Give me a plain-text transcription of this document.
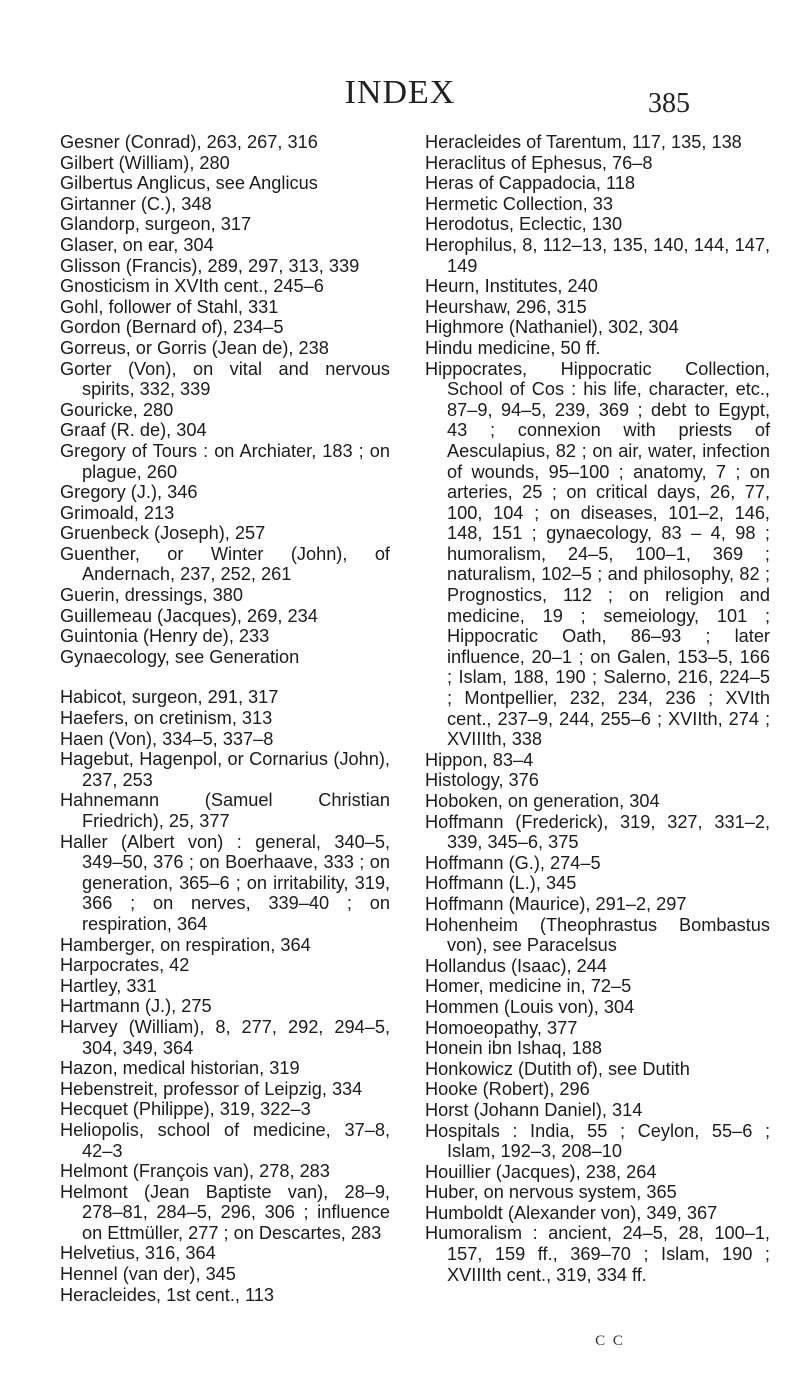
INDEX	385
Gesner (Conrad), 263, 267, 316
Gilbert (William), 280
Gilbertus Anglicus, see Anglicus
Girtanner (C.), 348
Glandorp, surgeon, 317
Glaser, on ear, 304
Glisson (Francis), 289, 297, 313, 339
Gnosticism in XVIth cent., 245–6
Gohl, follower of Stahl, 331
Gordon (Bernard of), 234–5
Gorreus, or Gorris (Jean de), 238
Gorter (Von), on vital and nervous spirits, 332, 339
Gouricke, 280
Graaf (R. de), 304
Gregory of Tours : on Archiater, 183 ; on plague, 260
Gregory (J.), 346
Grimoald, 213
Gruenbeck (Joseph), 257
Guenther, or Winter (John), of Andernach, 237, 252, 261
Guerin, dressings, 380
Guillemeau (Jacques), 269, 234
Guintonia (Henry de), 233
Gynaecology, see Generation
Habicot, surgeon, 291, 317
Haefers, on cretinism, 313
Haen (Von), 334–5, 337–8
Hagebut, Hagenpol, or Cornarius (John), 237, 253
Hahnemann (Samuel Christian Friedrich), 25, 377
Haller (Albert von) : general, 340–5, 349–50, 376 ; on Boerhaave, 333 ; on generation, 365–6 ; on irritability, 319, 366 ; on nerves, 339–40 ; on respiration, 364
Hamberger, on respiration, 364
Harpocrates, 42
Hartley, 331
Hartmann (J.), 275
Harvey (William), 8, 277, 292, 294–5, 304, 349, 364
Hazon, medical historian, 319
Hebenstreit, professor of Leipzig, 334
Hecquet (Philippe), 319, 322–3
Heliopolis, school of medicine, 37–8, 42–3
Helmont (François van), 278, 283
Helmont (Jean Baptiste van), 28–9, 278–81, 284–5, 296, 306 ; influence on Ettmüller, 277 ; on Descartes, 283
Helvetius, 316, 364
Hennel (van der), 345
Heracleides, 1st cent., 113
Heracleides of Tarentum, 117, 135, 138
Heraclitus of Ephesus, 76–8
Heras of Cappadocia, 118
Hermetic Collection, 33
Herodotus, Eclectic, 130
Herophilus, 8, 112–13, 135, 140, 144, 147, 149
Heurn, Institutes, 240
Heurshaw, 296, 315
Highmore (Nathaniel), 302, 304
Hindu medicine, 50 ff.
Hippocrates, Hippocratic Collection, School of Cos : his life, character, etc., 87–9, 94–5, 239, 369 ; debt to Egypt, 43 ; connexion with priests of Aesculapius, 82 ; on air, water, infection of wounds, 95–100 ; anatomy, 7 ; on arteries, 25 ; on critical days, 26, 77, 100, 104 ; on diseases, 101–2, 146, 148, 151 ; gynaecology, 83 – 4, 98 ; humoralism, 24–5, 100–1, 369 ; naturalism, 102–5 ; and philosophy, 82 ; Prognostics, 112 ; on religion and medicine, 19 ; semeiology, 101 ; Hippocratic Oath, 86–93 ; later influence, 20–1 ; on Galen, 153–5, 166 ; Islam, 188, 190 ; Salerno, 216, 224–5 ; Montpellier, 232, 234, 236 ; XVIth cent., 237–9, 244, 255–6 ; XVIIth, 274 ; XVIIIth, 338
Hippon, 83–4
Histology, 376
Hoboken, on generation, 304
Hoffmann (Frederick), 319, 327, 331–2, 339, 345–6, 375
Hoffmann (G.), 274–5
Hoffmann (L.), 345
Hoffmann (Maurice), 291–2, 297
Hohenheim (Theophrastus Bombastus von), see Paracelsus
Hollandus (Isaac), 244
Homer, medicine in, 72–5
Hommen (Louis von), 304
Homoeopathy, 377
Honein ibn Ishaq, 188
Honkowicz (Dutith of), see Dutith
Hooke (Robert), 296
Horst (Johann Daniel), 314
Hospitals : India, 55 ; Ceylon, 55–6 ; Islam, 192–3, 208–10
Houillier (Jacques), 238, 264
Huber, on nervous system, 365
Humboldt (Alexander von), 349, 367
Humoralism : ancient, 24–5, 28, 100–1, 157, 159 ff., 369–70 ; Islam, 190 ; XVIIIth cent., 319, 334 ff.
C C
